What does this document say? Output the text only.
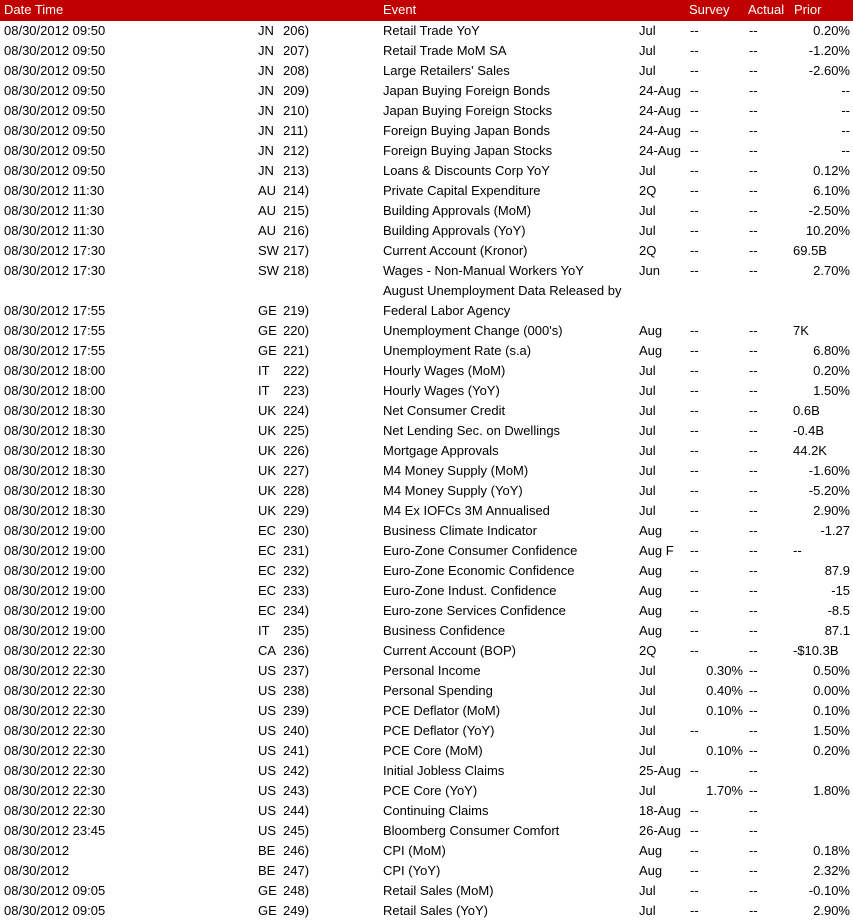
Date Time	Event	Survey Actual Prior
08/30/2012 09:50	JN 206)	Retail Trade YoY	Jul	--	--	0.20%
08/30/2012 09:50	JN 207)	Retail Trade MoM SA	Jul	--	--	-1.20%
08/30/2012 09:50	JN 208)	Large Retailers' Sales	Jul	--	--	-2.60%
08/30/2012 09:50	JN 209)	Japan Buying Foreign Bonds	24-Aug --	--	--
08/30/2012 09:50	JN 210)	Japan Buying Foreign Stocks	24-Aug --	--	--
08/30/2012 09:50	JN 211)	Foreign Buying Japan Bonds	24-Aug --	--	--
08/30/2012 09:50	JN 212)	Foreign Buying Japan Stocks	24-Aug --	--	--
08/30/2012 09:50	JN 213)	Loans & Discounts Corp YoY	Jul	--	--	0.12%
08/30/2012 11:30	AU 214)	Private Capital Expenditure	2Q	--	--	6.10%
08/30/2012 11:30	AU 215)	Building Approvals (MoM)	Jul	--	--	-2.50%
08/30/2012 11:30	AU 216)	Building Approvals (YoY)	Jul	--	--	10.20%
08/30/2012 17:30	SW 217)	Current Account (Kronor)	2Q	--	--	69.5B
08/30/2012 17:30	SW 218)	Wages - Non-Manual Workers YoY	Jun --	--	2.70%
08/30/2012 17:55	GE 219)
August Unemployment Data Released by Federal Labor Agency
08/30/2012 17:55	GE 220)	Unemployment Change (000's)	Aug --	--	7K
08/30/2012 17:55	GE 221)	Unemployment Rate (s.a)	Aug --	--	6.80%
08/30/2012 18:00	IT 222)	Hourly Wages (MoM)	Jul	--	--	0.20%
08/30/2012 18:00	IT 223)	Hourly Wages (YoY)	Jul	--	--	1.50%
08/30/2012 18:30	UK 224)	Net Consumer Credit	Jul	--	--	0.6B
08/30/2012 18:30	UK 225)	Net Lending Sec. on Dwellings	Jul	--	--	-0.4B
08/30/2012 18:30	UK 226)	Mortgage Approvals	Jul	--	--	44.2K
08/30/2012 18:30	UK 227)	M4 Money Supply (MoM)	Jul	--	--	-1.60%
08/30/2012 18:30	UK 228)	M4 Money Supply (YoY)	Jul	--	--	-5.20%
08/30/2012 18:30	UK 229)	M4 Ex IOFCs 3M Annualised	Jul	--	--	2.90%
08/30/2012 19:00	EC 230)	Business Climate Indicator	Aug --	--	-1.27
08/30/2012 19:00	EC 231)	Euro-Zone Consumer Confidence	Aug F --	--	--
08/30/2012 19:00	EC 232)	Euro-Zone Economic Confidence	Aug --	--	87.9
08/30/2012 19:00	EC 233)	Euro-Zone Indust. Confidence	Aug --	--	-15
08/30/2012 19:00	EC 234)	Euro-zone Services Confidence	Aug --	--	-8.5
08/30/2012 19:00	IT 235)	Business Confidence	Aug --	--	87.1
08/30/2012 22:30	CA 236)	Current Account (BOP)	2Q	--	--	-$10.3B
08/30/2012 22:30	US 237)	Personal Income	Jul	0.30% --	0.50%
08/30/2012 22:30	US 238)	Personal Spending	Jul	0.40% --	0.00%
08/30/2012 22:30	US 239)	PCE Deflator (MoM)	Jul	0.10% --	0.10%
08/30/2012 22:30	US 240)	PCE Deflator (YoY)	Jul	--	--	1.50%
08/30/2012 22:30	US 241)	PCE Core (MoM)	Jul	0.10% --	0.20%
08/30/2012 22:30	US 242)	Initial Jobless Claims	25-Aug --	--
08/30/2012 22:30	US 243)	PCE Core (YoY)	Jul	1.70% --	1.80%
08/30/2012 22:30	US 244)	Continuing Claims	18-Aug --	--
08/30/2012 23:45	US 245)	Bloomberg Consumer Comfort	26-Aug --	--
08/30/2012	BE 246)	CPI (MoM)	Aug --	--	0.18%
08/30/2012	BE 247)	CPI (YoY)	Aug --	--	2.32%
08/30/2012 09:05	GE 248)	Retail Sales (MoM)	Jul	--	--	-0.10%
08/30/2012 09:05	GE 249)	Retail Sales (YoY)	Jul	--	--	2.90%
